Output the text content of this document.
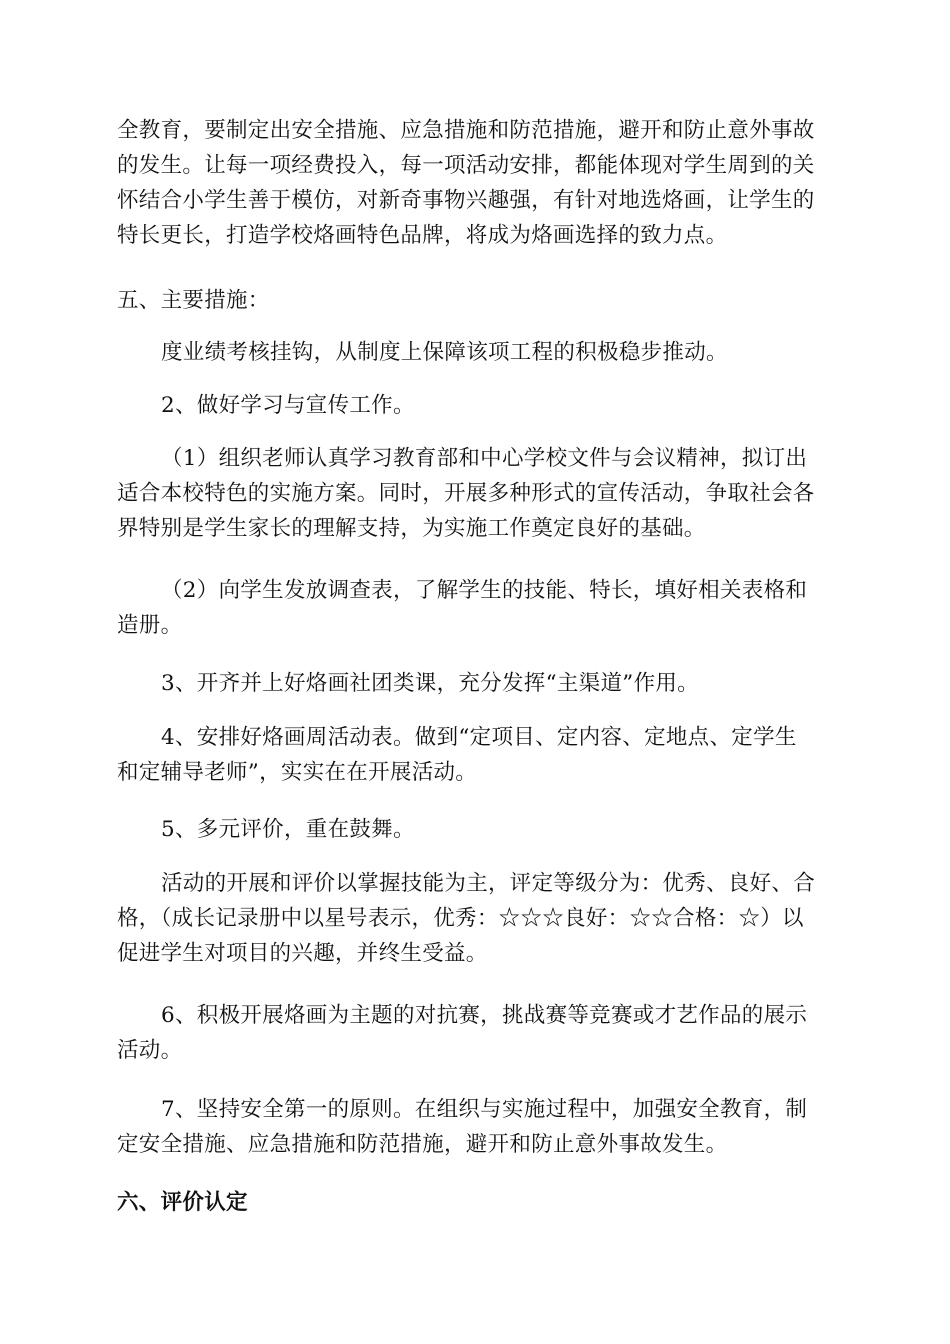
全教育，要制定出安全措施、应急措施和防范措施，避开和防止意外事故
的发生。让每一项经费投入，每一项活动安排，都能体现对学生周到的关
怀结合小学生善于模仿，对新奇事物兴趣强，有针对地选烙画，让学生的
特长更长，打造学校烙画特色品牌，将成为烙画选择的致力点。

五、主要措施：

度业绩考核挂钩，从制度上保障该项工程的积极稳步推动。

2、做好学习与宣传工作。

（1）组织老师认真学习教育部和中心学校文件与会议精神，拟订出
适合本校特色的实施方案。同时，开展多种形式的宣传活动，争取社会各
界特别是学生家长的理解支持，为实施工作奠定良好的基础。

（2）向学生发放调查表，了解学生的技能、特长，填好相关表格和
造册。

3、开齐并上好烙画社团类课，充分发挥“主渠道”作用。

4、安排好烙画周活动表。做到“定项目、定内容、定地点、定学生
和定辅导老师”，实实在在开展活动。

5、多元评价，重在鼓舞。

活动的开展和评价以掌握技能为主，评定等级分为：优秀、良好、合
格，（成长记录册中以星号表示，优秀：☆☆☆良好：☆☆合格：☆）以
促进学生对项目的兴趣，并终生受益。

6、积极开展烙画为主题的对抗赛，挑战赛等竞赛或才艺作品的展示
活动。

7、坚持安全第一的原则。在组织与实施过程中，加强安全教育，制
定安全措施、应急措施和防范措施，避开和防止意外事故发生。

六、评价认定
